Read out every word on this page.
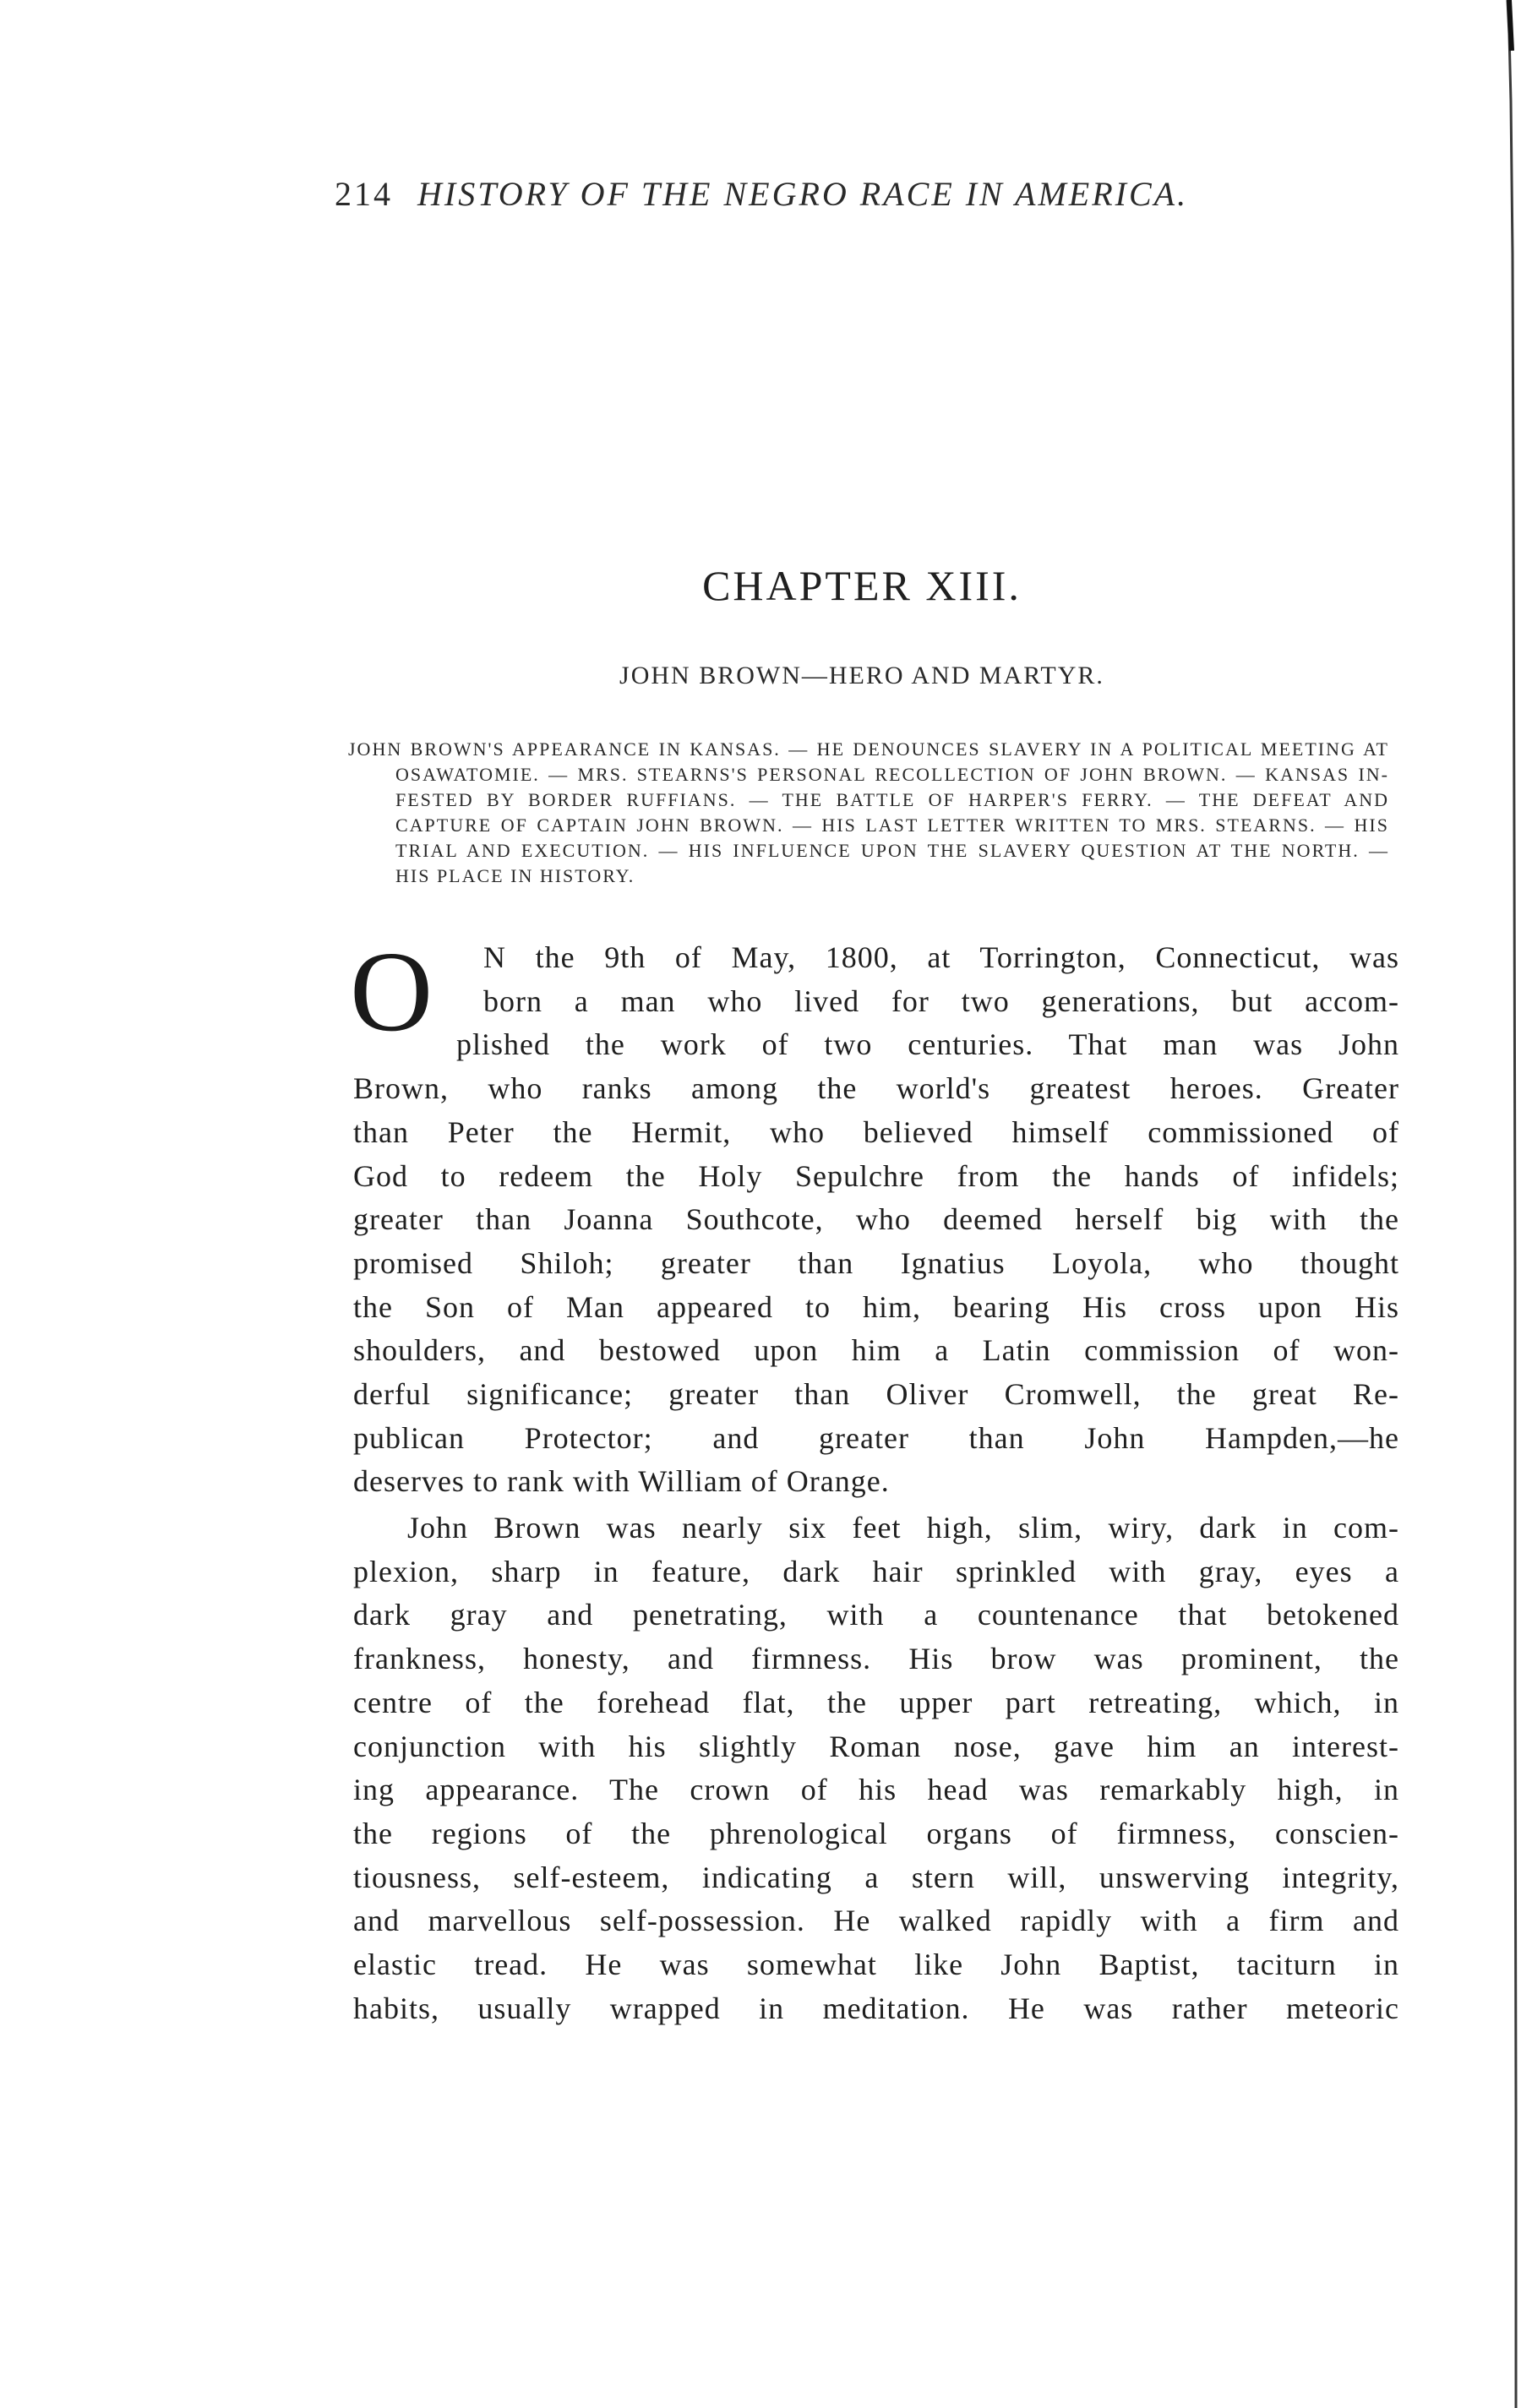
214 HISTORY OF THE NEGRO RACE IN AMERICA.
CHAPTER XIII.
JOHN BROWN—HERO AND MARTYR.
JOHN BROWN'S APPEARANCE IN KANSAS. — HE DENOUNCES SLAVERY IN A POLITICAL MEETING AT
OSAWATOMIE. — MRS. STEARNS'S PERSONAL RECOLLECTION OF JOHN BROWN. — KANSAS IN-
FESTED BY BORDER RUFFIANS. — THE BATTLE OF HARPER'S FERRY. — THE DEFEAT AND
CAPTURE OF CAPTAIN JOHN BROWN. — HIS LAST LETTER WRITTEN TO MRS. STEARNS. — HIS
TRIAL AND EXECUTION. — HIS INFLUENCE UPON THE SLAVERY QUESTION AT THE NORTH. —
HIS PLACE IN HISTORY.
O	N the 9th of May, 1800, at Torrington, Connecticut, was
born a man who lived for two generations, but accom-
plished the work of two centuries. That man was John
Brown, who ranks among the world's greatest heroes. Greater
than Peter the Hermit, who believed himself commissioned of
God to redeem the Holy Sepulchre from the hands of infidels;
greater than Joanna Southcote, who deemed herself big with the
promised Shiloh; greater than Ignatius Loyola, who thought
the Son of Man appeared to him, bearing His cross upon His
shoulders, and bestowed upon him a Latin commission of won-
derful significance; greater than Oliver Cromwell, the great Re-
publican Protector; and greater than John Hampden,—he
deserves to rank with William of Orange.
John Brown was nearly six feet high, slim, wiry, dark in com-
plexion, sharp in feature, dark hair sprinkled with gray, eyes a
dark gray and penetrating, with a countenance that betokened
frankness, honesty, and firmness. His brow was prominent, the
centre of the forehead flat, the upper part retreating, which, in
conjunction with his slightly Roman nose, gave him an interest-
ing appearance. The crown of his head was remarkably high, in
the regions of the phrenological organs of firmness, conscien-
tiousness, self-esteem, indicating a stern will, unswerving integrity,
and marvellous self-possession. He walked rapidly with a firm and
elastic tread. He was somewhat like John Baptist, taciturn in
habits, usually wrapped in meditation. He was rather meteoric
